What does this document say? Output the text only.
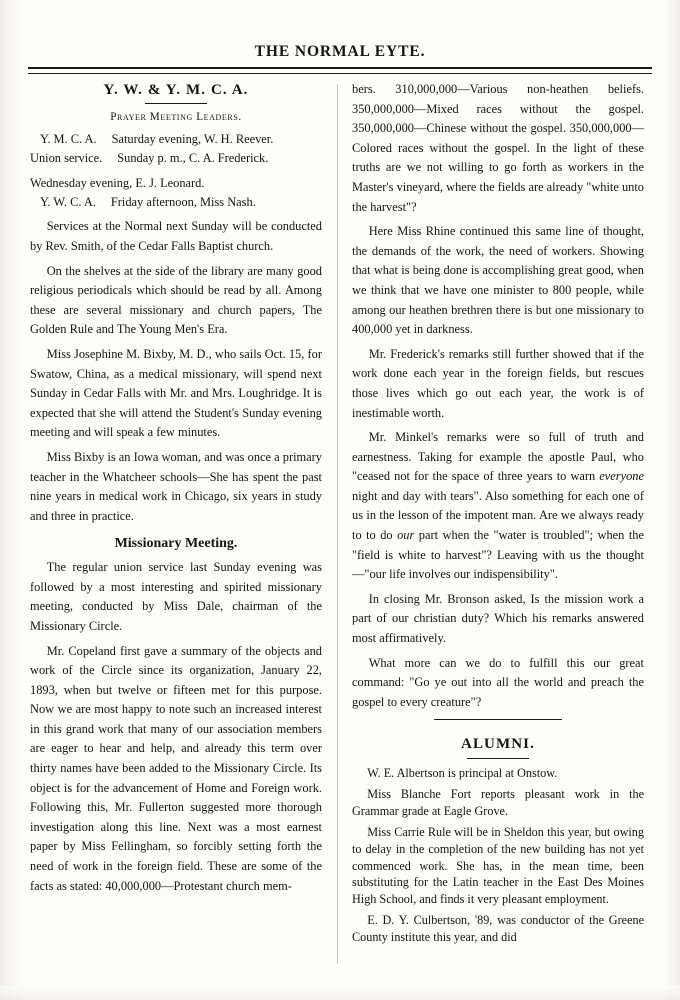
THE NORMAL EYTE.
Y. W. & Y. M. C. A.
Prayer Meeting Leaders.

Y. M. C. A. Saturday evening, W. H. Reever.

Union service. Sunday p. m., C. A. Frederick.

Wednesday evening, E. J. Leonard.

Y. W. C. A. Friday afternoon, Miss Nash.

Services at the Normal next Sunday will be conducted by Rev. Smith, of the Cedar Falls Baptist church.

On the shelves at the side of the library are many good religious periodicals which should be read by all. Among these are several missionary and church papers, The Golden Rule and The Young Men's Era.

Miss Josephine M. Bixby, M. D., who sails Oct. 15, for Swatow, China, as a medical missionary, will spend next Sunday in Cedar Falls with Mr. and Mrs. Loughridge. It is expected that she will attend the Student's Sunday evening meeting and will speak a few minutes.

Miss Bixby is an Iowa woman, and was once a primary teacher in the Whatcheer schools—She has spent the past nine years in medical work in Chicago, six years in study and three in practice.

Missionary Meeting.

The regular union service last Sunday evening was followed by a most interesting and spirited missionary meeting, conducted by Miss Dale, chairman of the Missionary Circle.

Mr. Copeland first gave a summary of the objects and work of the Circle since its organization, January 22, 1893, when but twelve or fifteen met for this purpose. Now we are most happy to note such an increased interest in this grand work that many of our association members are eager to hear and help, and already this term over thirty names have been added to the Missionary Circle. Its object is for the advancement of Home and Foreign work. Following this, Mr. Fullerton suggested more thorough investigation along this line. Next was a most earnest paper by Miss Fellingham, so forcibly setting forth the need of work in the foreign field. These are some of the facts as stated: 40,000,000—Protestant church mem-

bers. 310,000,000—Various non-heathen beliefs. 350,000,000—Mixed races without the gospel. 350,000,000—Chinese without the gospel. 350,000,000—Colored races without the gospel. In the light of these truths are we not willing to go forth as workers in the Master's vineyard, where the fields are already "white unto the harvest"?

Here Miss Rhine continued this same line of thought, the demands of the work, the need of workers. Showing that what is being done is accomplishing great good, when we think that we have one minister to 800 people, while among our heathen brethren there is but one missionary to 400,000 yet in darkness.

Mr. Frederick's remarks still further showed that if the work done each year in the foreign fields, but rescues those lives which go out each year, the work is of inestimable worth.

Mr. Minkel's remarks were so full of truth and earnestness. Taking for example the apostle Paul, who "ceased not for the space of three years to warn everyone night and day with tears". Also something for each one of us in the lesson of the impotent man. Are we always ready to to do our part when the "water is troubled"; when the "field is white to harvest"? Leaving with us the thought —"our life involves our indispensibility".

In closing Mr. Bronson asked, Is the mission work a part of our christian duty? Which his remarks answered most affirmatively.

What more can we do to fulfill this our great command: "Go ye out into all the world and preach the gospel to every creature"?

ALUMNI.

W. E. Albertson is principal at Onstow.

Miss Blanche Fort reports pleasant work in the Grammar grade at Eagle Grove.

Miss Carrie Rule will be in Sheldon this year, but owing to delay in the completion of the new building has not yet commenced work. She has, in the mean time, been substituting for the Latin teacher in the East Des Moines High School, and finds it very pleasant employment.

E. D. Y. Culbertson, '89, was conductor of the Greene County institute this year, and did
